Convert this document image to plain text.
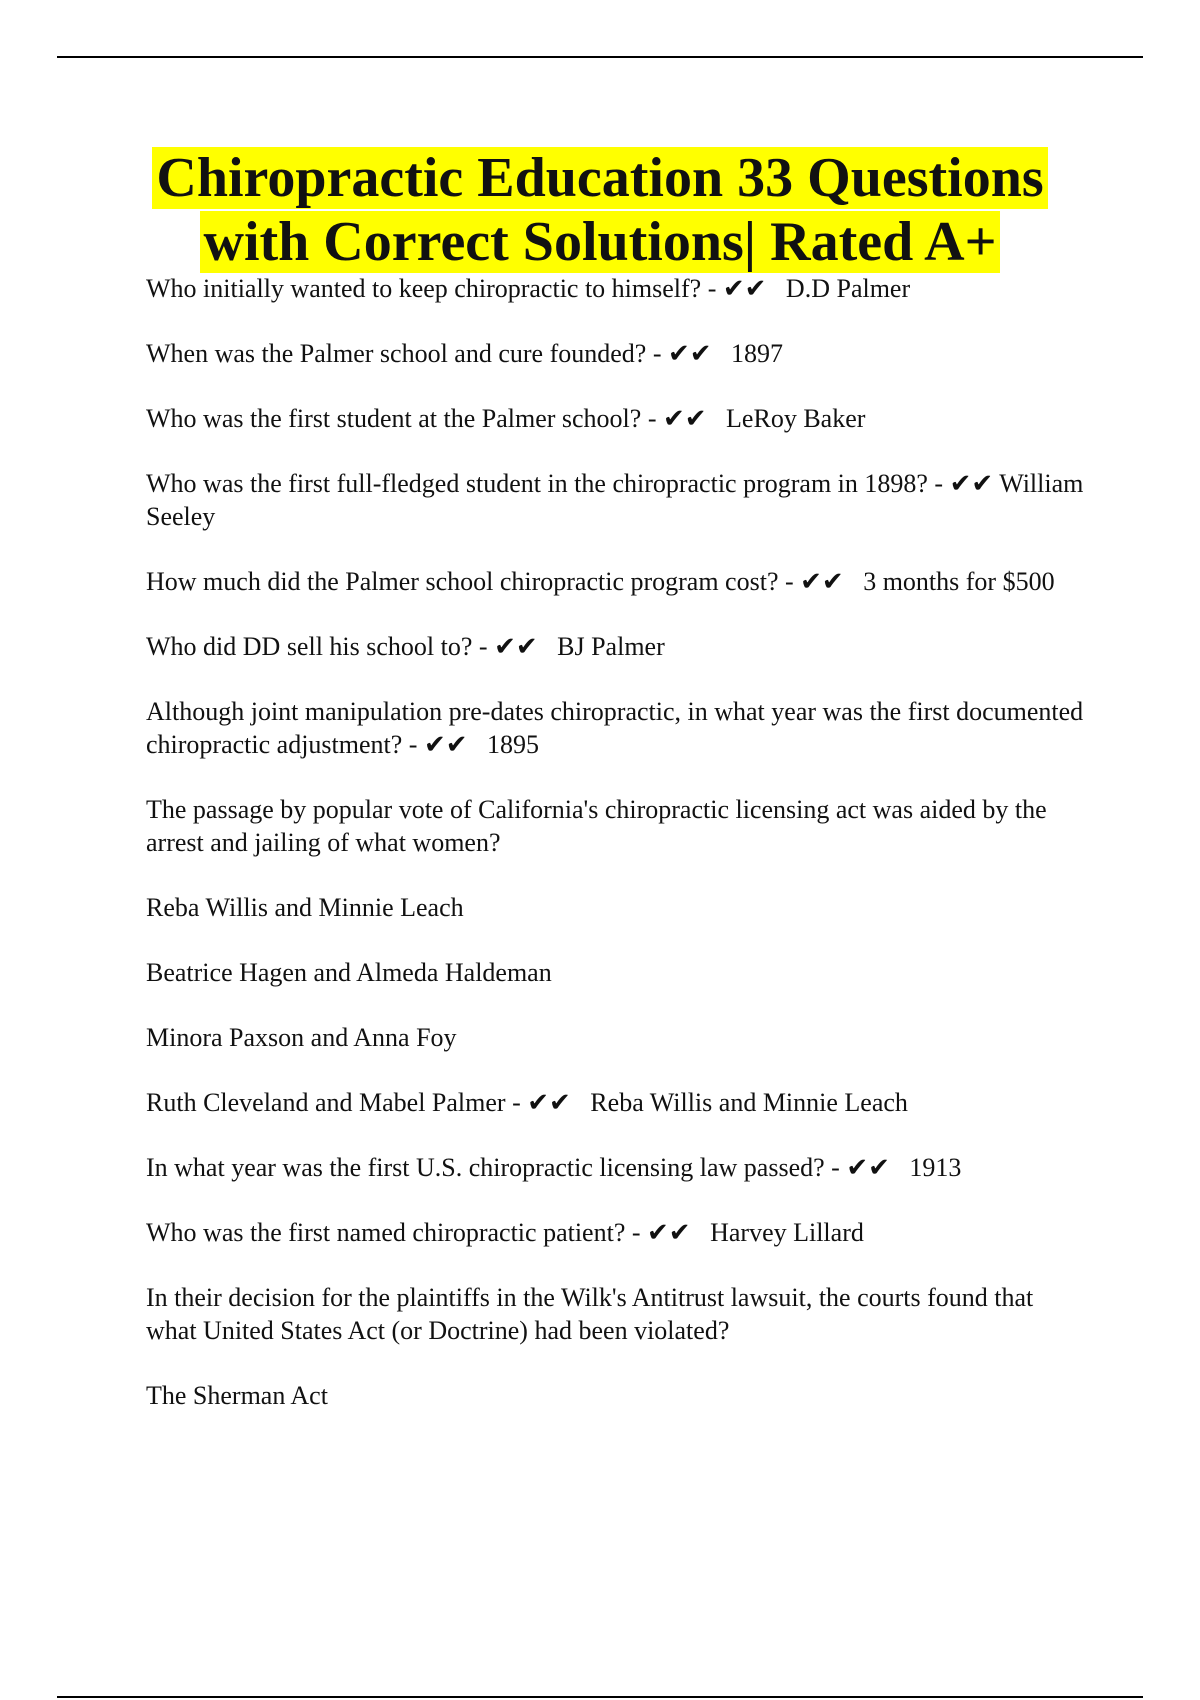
Chiropractic Education 33 Questions with Correct Solutions| Rated A+

Who initially wanted to keep chiropractic to himself? - ✔✔   D.D Palmer

When was the Palmer school and cure founded? - ✔✔   1897

Who was the first student at the Palmer school? - ✔✔   LeRoy Baker

Who was the first full-fledged student in the chiropractic program in 1898? - ✔✔ William Seeley

How much did the Palmer school chiropractic program cost? - ✔✔   3 months for $500

Who did DD sell his school to? - ✔✔   BJ Palmer

Although joint manipulation pre-dates chiropractic, in what year was the first documented chiropractic adjustment? - ✔✔   1895

The passage by popular vote of California's chiropractic licensing act was aided by the arrest and jailing of what women?

Reba Willis and Minnie Leach

Beatrice Hagen and Almeda Haldeman

Minora Paxson and Anna Foy

Ruth Cleveland and Mabel Palmer - ✔✔   Reba Willis and Minnie Leach

In what year was the first U.S. chiropractic licensing law passed? - ✔✔   1913

Who was the first named chiropractic patient? - ✔✔   Harvey Lillard

In their decision for the plaintiffs in the Wilk's Antitrust lawsuit, the courts found that what United States Act (or Doctrine) had been violated?

The Sherman Act
